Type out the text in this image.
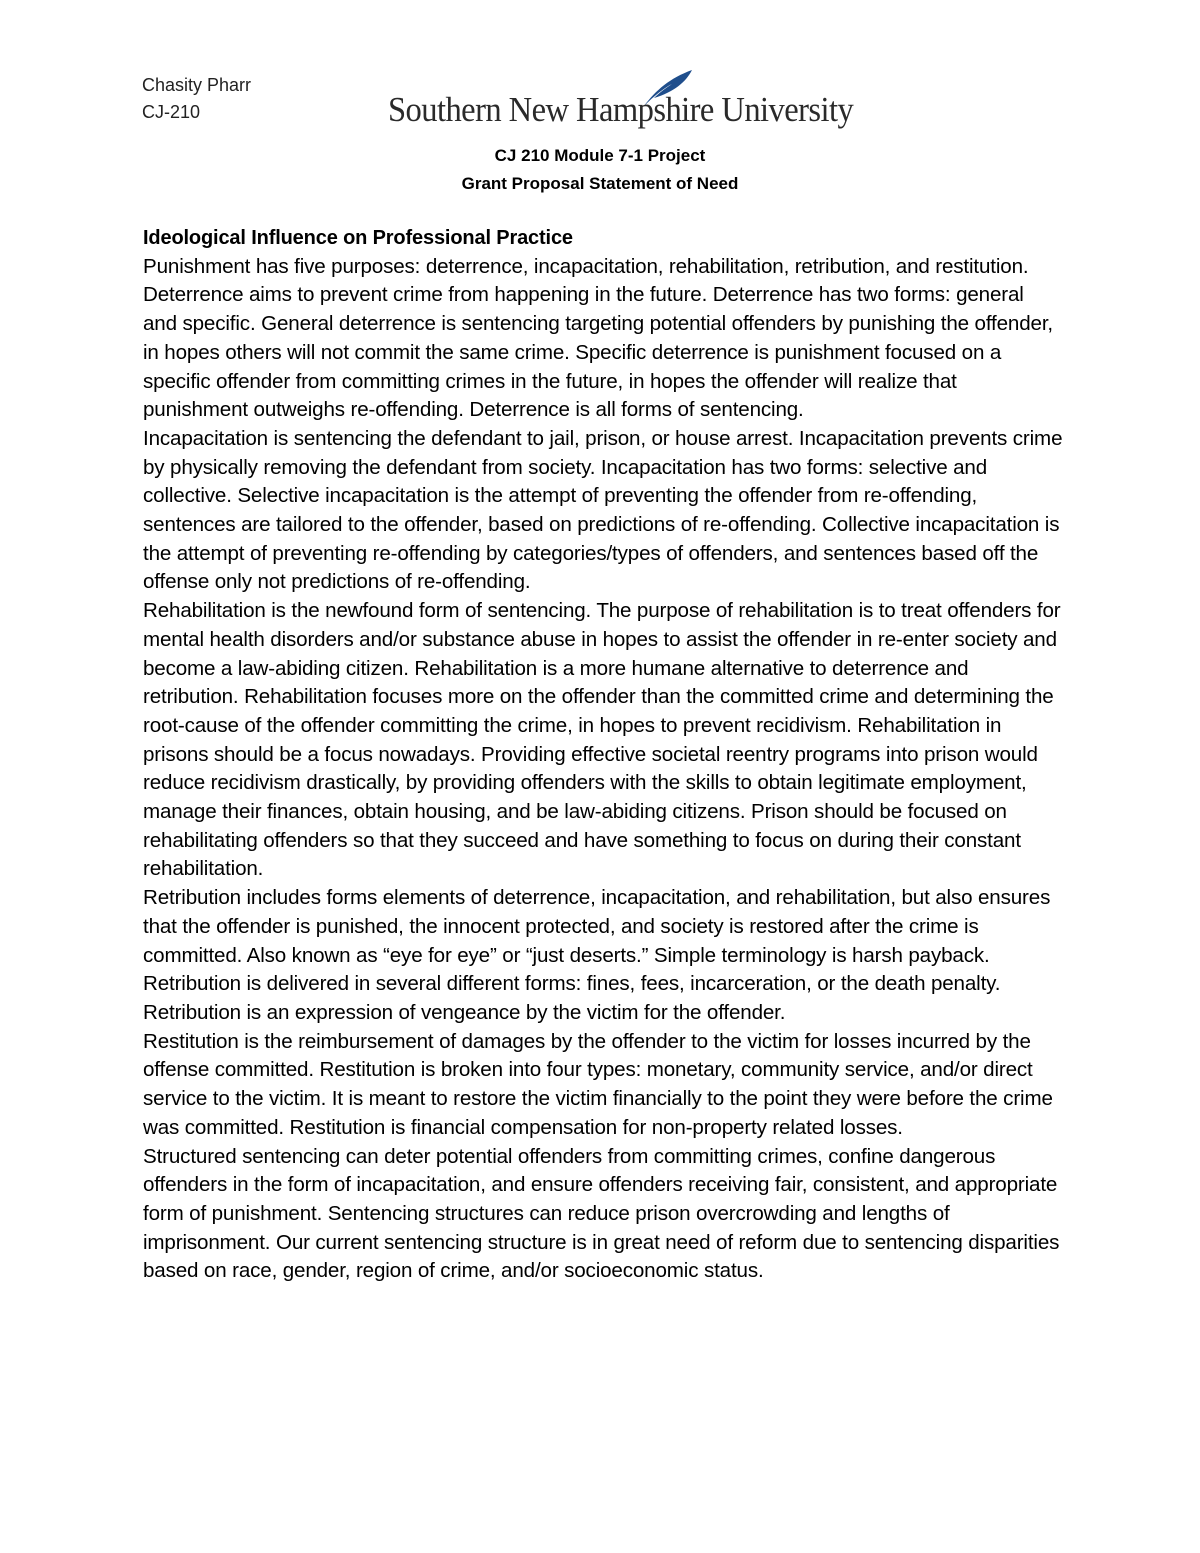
Chasity Pharr
CJ-210	Southern New Hampshire University
CJ 210 Module 7-1 Project
Grant Proposal Statement of Need
Ideological Influence on Professional Practice

Punishment has five purposes: deterrence, incapacitation, rehabilitation, retribution, and restitution.

Deterrence aims to prevent crime from happening in the future. Deterrence has two forms: general and specific. General deterrence is sentencing targeting potential offenders by punishing the offender, in hopes others will not commit the same crime. Specific deterrence is punishment focused on a specific offender from committing crimes in the future, in hopes the offender will realize that punishment outweighs re-offending. Deterrence is all forms of sentencing.

Incapacitation is sentencing the defendant to jail, prison, or house arrest. Incapacitation prevents crime by physically removing the defendant from society. Incapacitation has two forms: selective and collective. Selective incapacitation is the attempt of preventing the offender from re-offending, sentences are tailored to the offender, based on predictions of re-offending. Collective incapacitation is the attempt of preventing re-offending by categories/types of offenders, and sentences based off the offense only not predictions of re-offending.

Rehabilitation is the newfound form of sentencing. The purpose of rehabilitation is to treat offenders for mental health disorders and/or substance abuse in hopes to assist the offender in re-enter society and become a law-abiding citizen. Rehabilitation is a more humane alternative to deterrence and retribution. Rehabilitation focuses more on the offender than the committed crime and determining the root-cause of the offender committing the crime, in hopes to prevent recidivism. Rehabilitation in prisons should be a focus nowadays. Providing effective societal reentry programs into prison would reduce recidivism drastically, by providing offenders with the skills to obtain legitimate employment, manage their finances, obtain housing, and be law-abiding citizens. Prison should be focused on rehabilitating offenders so that they succeed and have something to focus on during their constant rehabilitation.

Retribution includes forms elements of deterrence, incapacitation, and rehabilitation, but also ensures that the offender is punished, the innocent protected, and society is restored after the crime is committed. Also known as “eye for eye” or “just deserts.” Simple terminology is harsh payback. Retribution is delivered in several different forms: fines, fees, incarceration, or the death penalty. Retribution is an expression of vengeance by the victim for the offender.

Restitution is the reimbursement of damages by the offender to the victim for losses incurred by the offense committed. Restitution is broken into four types: monetary, community service, and/or direct service to the victim. It is meant to restore the victim financially to the point they were before the crime was committed. Restitution is financial compensation for non-property related losses.

Structured sentencing can deter potential offenders from committing crimes, confine dangerous offenders in the form of incapacitation, and ensure offenders receiving fair, consistent, and appropriate form of punishment. Sentencing structures can reduce prison overcrowding and lengths of imprisonment. Our current sentencing structure is in great need of reform due to sentencing disparities based on race, gender, region of crime, and/or socioeconomic status.
